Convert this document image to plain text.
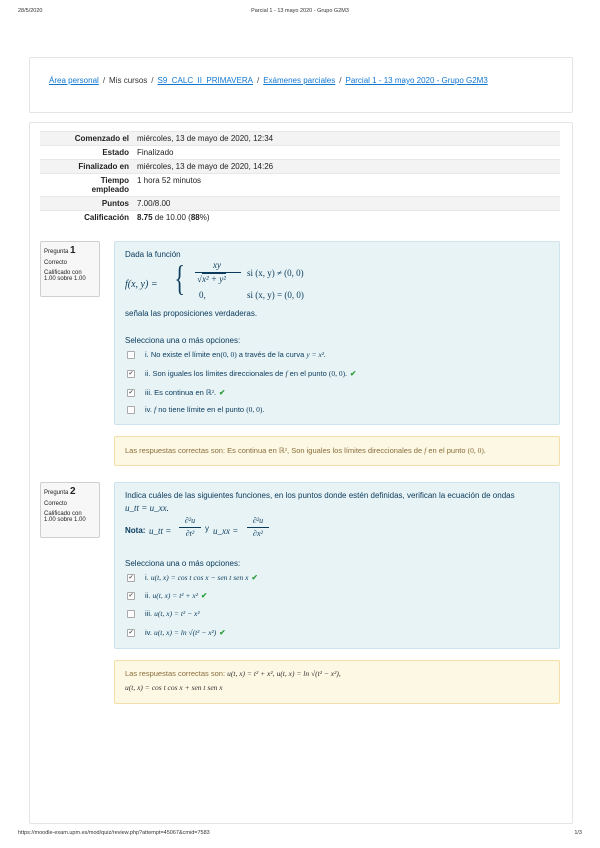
28/5/2020	Parcial 1 - 13 mayo 2020 - Grupo G2M3
Área personal / Mis cursos / S9_CALC_II_PRIMAVERA / Exámenes parciales / Parcial 1 - 13 mayo 2020 - Grupo G2M3
Comenzado el	miércoles, 13 de mayo de 2020, 12:34
Estado	Finalizado
Finalizado en	miércoles, 13 de mayo de 2020, 14:26
Tiempo
empleado	1 hora 52 minutos
Puntos	7.00/8.00
Calificación	8.75 de 10.00 (88%)
Pregunta 1
Correcto
Calificado con
1.00 sobre 1.00
Dada la función
f(x, y) = {	xy
√x² + y²
si (x, y) ≠ (0, 0)
0,	si (x, y) = (0, 0)
señala las proposiciones verdaderas.
Selecciona una o más opciones:
i. No existe el límite en(0, 0) a través de la curva y = x².
✔ ii. Son iguales los límites direccionales de f en el punto (0, 0). ✔
✔ iii. Es continua en ℝ². ✔
iv. f no tiene límite en el punto (0, 0).
Las respuestas correctas son: Es continua en ℝ², Son iguales los límites direccionales de f en el punto (0, 0).
Pregunta 2
Correcto
Calificado con
1.00 sobre 1.00
Indica cuáles de las siguientes funciones, en los puntos donde estén definidas, verifican la ecuación de ondas
u_tt = u_xx.
Nota: u_tt =
∂²u
∂t²
y u_xx =
∂²u
∂x²
Selecciona una o más opciones:
✔ i. u(t, x) = cos t cos x − sen t sen x ✔
✔ ii. u(t, x) = t² + x² ✔
iii. u(t, x) = t² − x²
✔ iv. u(t, x) = ln √(t² − x²) ✔
Las respuestas correctas son: u(t, x) = t² + x², u(t, x) = ln √(t² − x²),
u(t, x) = cos t cos x + sen t sen x
https://moodle-exam.upm.es/mod/quiz/review.php?attempt=45067&cmid=7583	1/3
